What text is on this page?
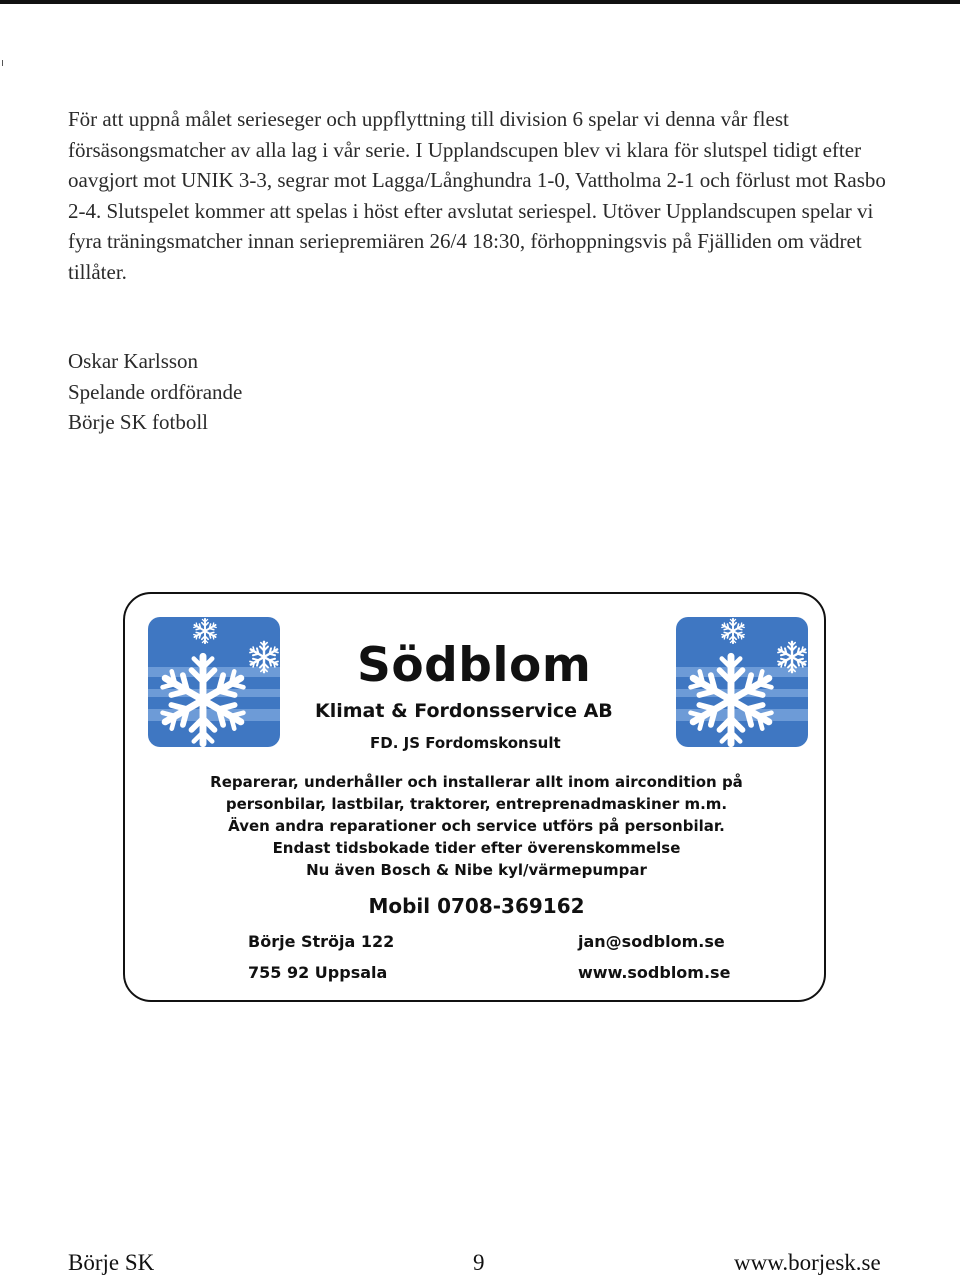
För att uppnå målet serieseger och uppflyttning till division 6 spelar vi denna vår flest försäsongsmatcher av alla lag i vår serie. I Upplandscupen blev vi klara för slutspel tidigt efter oavgjort mot UNIK 3-3, segrar mot Lagga/Långhundra 1-0, Vattholma 2-1 och förlust mot Rasbo 2-4. Slutspelet kommer att spelas i höst efter avslutat seriespel. Utöver Upplandscupen spelar vi fyra träningsmatcher innan seriepremiären 26/4 18:30, förhoppningsvis på Fjälliden om vädret tillåter.

Oskar Karlsson
Spelande ordförande
Börje SK fotboll
Södblom
Klimat & Fordonsservice AB
FD. JS Fordomskonsult
Reparerar, underhåller och installerar allt inom aircondition på
personbilar, lastbilar, traktorer, entreprenadmaskiner m.m.
Även andra reparationer och service utförs på personbilar.
Endast tidsbokade tider efter överenskommelse
Nu även Bosch & Nibe kyl/värmepumpar
Mobil 0708-369162
Börje Ströja 122
755 92 Uppsala
jan@sodblom.se
www.sodblom.se
Börje SK	9	www.borjesk.se
